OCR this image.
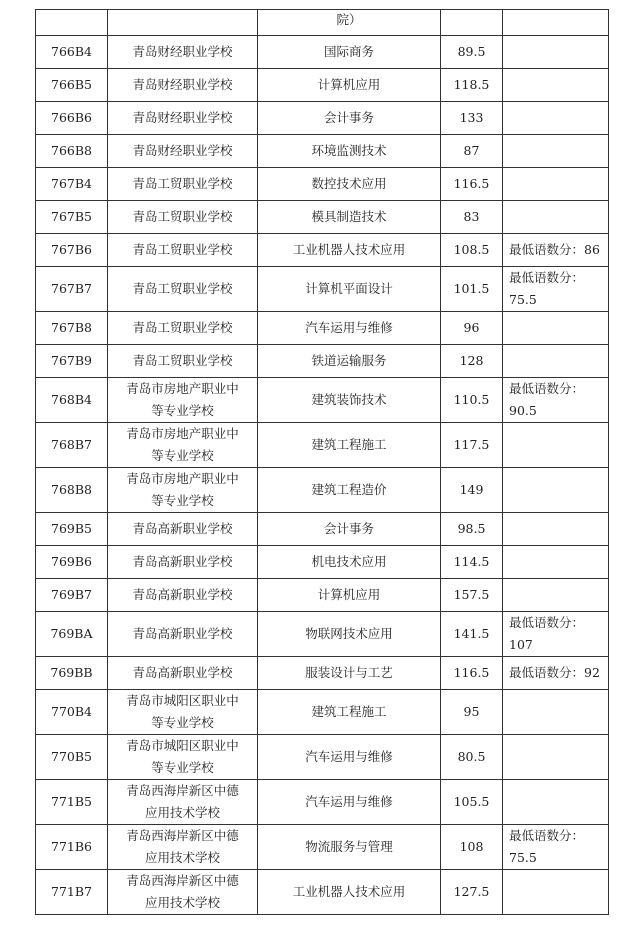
		院）		
766B4	青岛财经职业学校	国际商务	89.5	
766B5	青岛财经职业学校	计算机应用	118.5	
766B6	青岛财经职业学校	会计事务	133	
766B8	青岛财经职业学校	环境监测技术	87	
767B4	青岛工贸职业学校	数控技术应用	116.5	
767B5	青岛工贸职业学校	模具制造技术	83	
767B6	青岛工贸职业学校	工业机器人技术应用	108.5	最低语数分：86
767B7	青岛工贸职业学校	计算机平面设计	101.5	最低语数分：
75.5
767B8	青岛工贸职业学校	汽车运用与维修	96	
767B9	青岛工贸职业学校	铁道运输服务	128	
768B4	青岛市房地产职业中
等专业学校	建筑装饰技术	110.5	最低语数分：
90.5
768B7	青岛市房地产职业中
等专业学校	建筑工程施工	117.5	
768B8	青岛市房地产职业中
等专业学校	建筑工程造价	149	
769B5	青岛高新职业学校	会计事务	98.5	
769B6	青岛高新职业学校	机电技术应用	114.5	
769B7	青岛高新职业学校	计算机应用	157.5	
769BA	青岛高新职业学校	物联网技术应用	141.5	最低语数分：107
769BB	青岛高新职业学校	服装设计与工艺	116.5	最低语数分：92
770B4	青岛市城阳区职业中
等专业学校	建筑工程施工	95	
770B5	青岛市城阳区职业中
等专业学校	汽车运用与维修	80.5	
771B5	青岛西海岸新区中德
应用技术学校	汽车运用与维修	105.5	
771B6	青岛西海岸新区中德
应用技术学校	物流服务与管理	108	最低语数分：
75.5
771B7	青岛西海岸新区中德
应用技术学校	工业机器人技术应用	127.5	
